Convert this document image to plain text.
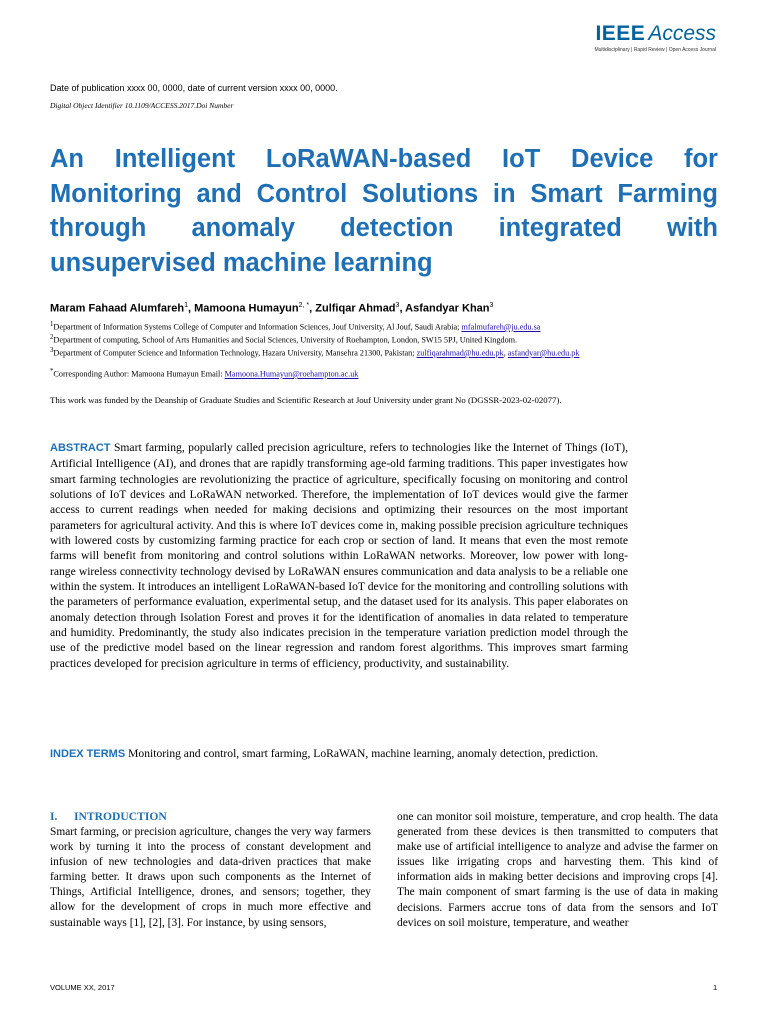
IEEE Access
Multidisciplinary | Rapid Review | Open Access Journal
Date of publication xxxx 00, 0000, date of current version xxxx 00, 0000.
Digital Object Identifier 10.1109/ACCESS.2017.Doi Number
An Intelligent LoRaWAN-based IoT Device for Monitoring and Control Solutions in Smart Farming through anomaly detection integrated with unsupervised machine learning
Maram Fahaad Alumfareh$^1$, Mamoona Humayun$^{2, *}$, Zulfiqar Ahmad$^3$, Asfandyar Khan$^3$
$^1$Department of Information Systems College of Computer and Information Sciences, Jouf University, Al Jouf, Saudi Arabia; mfalmufareh@ju.edu.sa
$^2$Department of computing, School of Arts Humanities and Social Sciences, University of Roehampton, London, SW15 5PJ, United Kingdom.
$^3$Department of Computer Science and Information Technology, Hazara University, Mansehra 21300, Pakistan; zulfiqarahmad@hu.edu.pk, asfandyar@hu.edu.pk
*Corresponding Author: Mamoona Humayun Email: Mamoona.Humayun@roehampton.ac.uk
This work was funded by the Deanship of Graduate Studies and Scientific Research at Jouf University under grant No (DGSSR-2023-02-02077).
ABSTRACT Smart farming, popularly called precision agriculture, refers to technologies like the Internet of Things (IoT), Artificial Intelligence (AI), and drones that are rapidly transforming age-old farming traditions. This paper investigates how smart farming technologies are revolutionizing the practice of agriculture, specifically focusing on monitoring and control solutions of IoT devices and LoRaWAN networked. Therefore, the implementation of IoT devices would give the farmer access to current readings when needed for making decisions and optimizing their resources on the most important parameters for agricultural activity. And this is where IoT devices come in, making possible precision agriculture techniques with lowered costs by customizing farming practice for each crop or section of land. It means that even the most remote farms will benefit from monitoring and control solutions within LoRaWAN networks. Moreover, low power with long-range wireless connectivity technology devised by LoRaWAN ensures communication and data analysis to be a reliable one within the system. It introduces an intelligent LoRaWAN-based IoT device for the monitoring and controlling solutions with the parameters of performance evaluation, experimental setup, and the dataset used for its analysis. This paper elaborates on anomaly detection through Isolation Forest and proves it for the identification of anomalies in data related to temperature and humidity. Predominantly, the study also indicates precision in the temperature variation prediction model through the use of the predictive model based on the linear regression and random forest algorithms. This improves smart farming practices developed for precision agriculture in terms of efficiency, productivity, and sustainability.
INDEX TERMS Monitoring and control, smart farming, LoRaWAN, machine learning, anomaly detection, prediction.
I. INTRODUCTION
Smart farming, or precision agriculture, changes the very way farmers work by turning it into the process of constant development and infusion of new technologies and data-driven practices that make farming better. It draws upon such components as the Internet of Things, Artificial Intelligence, drones, and sensors; together, they allow for the development of crops in much more effective and sustainable ways [1], [2], [3]. For instance, by using sensors,
one can monitor soil moisture, temperature, and crop health. The data generated from these devices is then transmitted to computers that make use of artificial intelligence to analyze and advise the farmer on issues like irrigating crops and harvesting them. This kind of information aids in making better decisions and improving crops [4]. The main component of smart farming is the use of data in making decisions. Farmers accrue tons of data from the sensors and IoT devices on soil moisture, temperature, and weather
VOLUME XX, 2017	1
